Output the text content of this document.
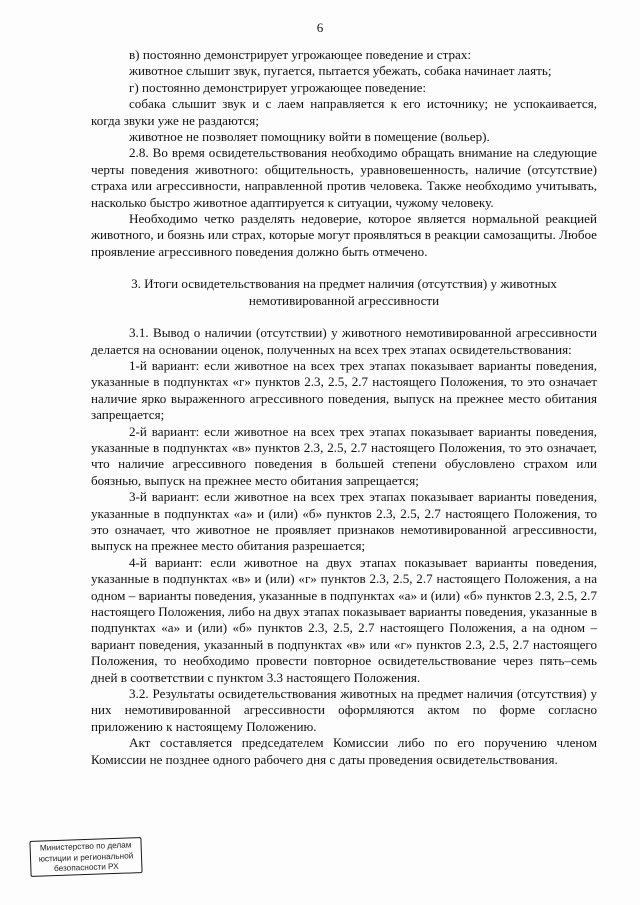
6

в) постоянно демонстрирует угрожающее поведение и страх:

животное слышит звук, пугается, пытается убежать, собака начинает лаять;

г) постоянно демонстрирует угрожающее поведение:

собака слышит звук и с лаем направляется к его источнику; не успокаивается, когда звуки уже не раздаются;

животное не позволяет помощнику войти в помещение (вольер).

2.8. Во время освидетельствования необходимо обращать внимание на следующие черты поведения животного: общительность, уравновешенность, наличие (отсутствие) страха или агрессивности, направленной против человека. Также необходимо учитывать, насколько быстро животное адаптируется к ситуации, чужому человеку.

Необходимо четко разделять недоверие, которое является нормальной реакцией животного, и боязнь или страх, которые могут проявляться в реакции самозащиты. Любое проявление агрессивного поведения должно быть отмечено.

3. Итоги освидетельствования на предмет наличия (отсутствия) у животных немотивированной агрессивности

3.1. Вывод о наличии (отсутствии) у животного немотивированной агрессивности делается на основании оценок, полученных на всех трех этапах освидетельствования:

1-й вариант: если животное на всех трех этапах показывает варианты поведения, указанные в подпунктах «г» пунктов 2.3, 2.5, 2.7 настоящего Положения, то это означает наличие ярко выраженного агрессивного поведения, выпуск на прежнее место обитания запрещается;

2-й вариант: если животное на всех трех этапах показывает варианты поведения, указанные в подпунктах «в» пунктов 2.3, 2.5, 2.7 настоящего Положения, то это означает, что наличие агрессивного поведения в большей степени обусловлено страхом или боязнью, выпуск на прежнее место обитания запрещается;

3-й вариант: если животное на всех трех этапах показывает варианты поведения, указанные в подпунктах «а» и (или) «б» пунктов 2.3, 2.5, 2.7 настоящего Положения, то это означает, что животное не проявляет признаков немотивированной агрессивности, выпуск на прежнее место обитания разрешается;

4-й вариант: если животное на двух этапах показывает варианты поведения, указанные в подпунктах «в» и (или) «г» пунктов 2.3, 2.5, 2.7 настоящего Положения, а на одном – варианты поведения, указанные в подпунктах «а» и (или) «б» пунктов 2.3, 2.5, 2.7 настоящего Положения, либо на двух этапах показывает варианты поведения, указанные в подпунктах «а» и (или) «б» пунктов 2.3, 2.5, 2.7 настоящего Положения, а на одном – вариант поведения, указанный в подпунктах «в» или «г» пунктов 2.3, 2.5, 2.7 настоящего Положения, то необходимо провести повторное освидетельствование через пять–семь дней в соответствии с пунктом 3.3 настоящего Положения.

3.2. Результаты освидетельствования животных на предмет наличия (отсутствия) у них немотивированной агрессивности оформляются актом по форме согласно приложению к настоящему Положению.

Акт составляется председателем Комиссии либо по его поручению членом Комиссии не позднее одного рабочего дня с даты проведения освидетельствования.

Министерство по делам
юстиции и региональной
безопасности РХ
